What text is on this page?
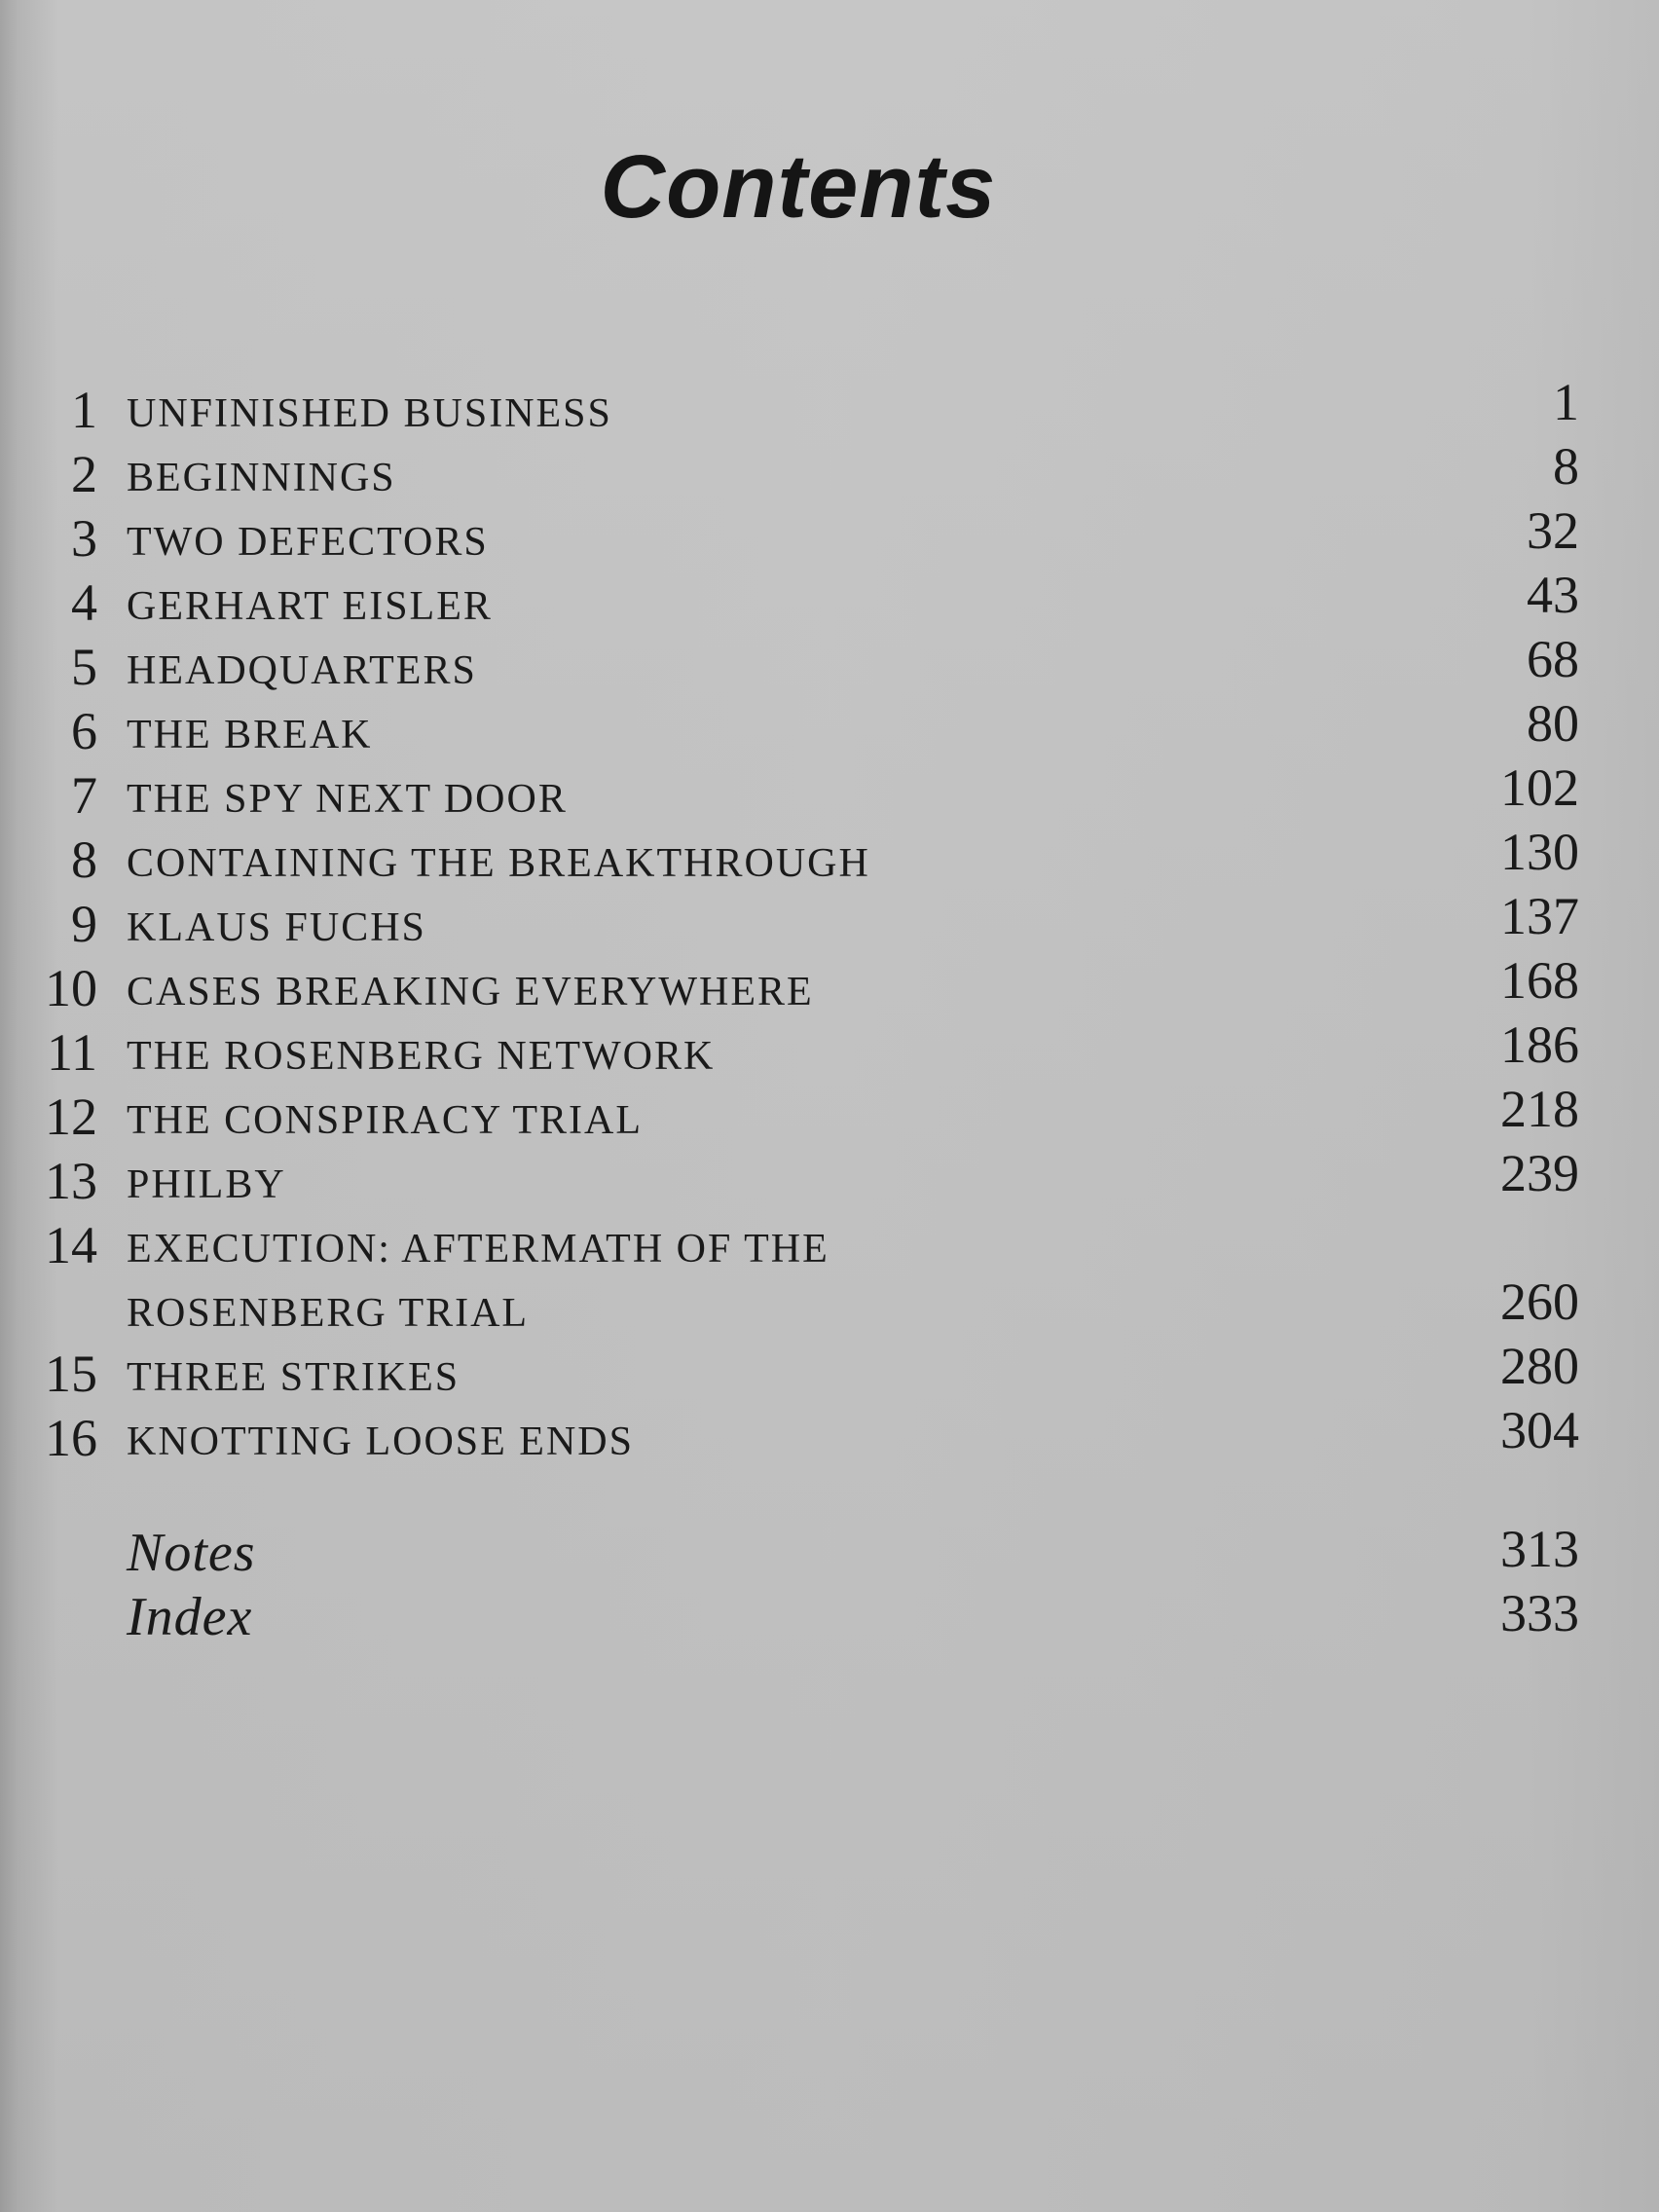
Contents
1 UNFINISHED BUSINESS	1
2 BEGINNINGS	8
3 TWO DEFECTORS	32
4 GERHART EISLER	43
5 HEADQUARTERS	68
6 THE BREAK	80
7 THE SPY NEXT DOOR	102
8 CONTAINING THE BREAKTHROUGH	130
9 KLAUS FUCHS	137
10 CASES BREAKING EVERYWHERE	168
11 THE ROSENBERG NETWORK	186
12 THE CONSPIRACY TRIAL	218
13 PHILBY	239
14 EXECUTION: AFTERMATH OF THE
ROSENBERG TRIAL	260
15 THREE STRIKES	280
16 KNOTTING LOOSE ENDS	304
Notes	313
Index	333
